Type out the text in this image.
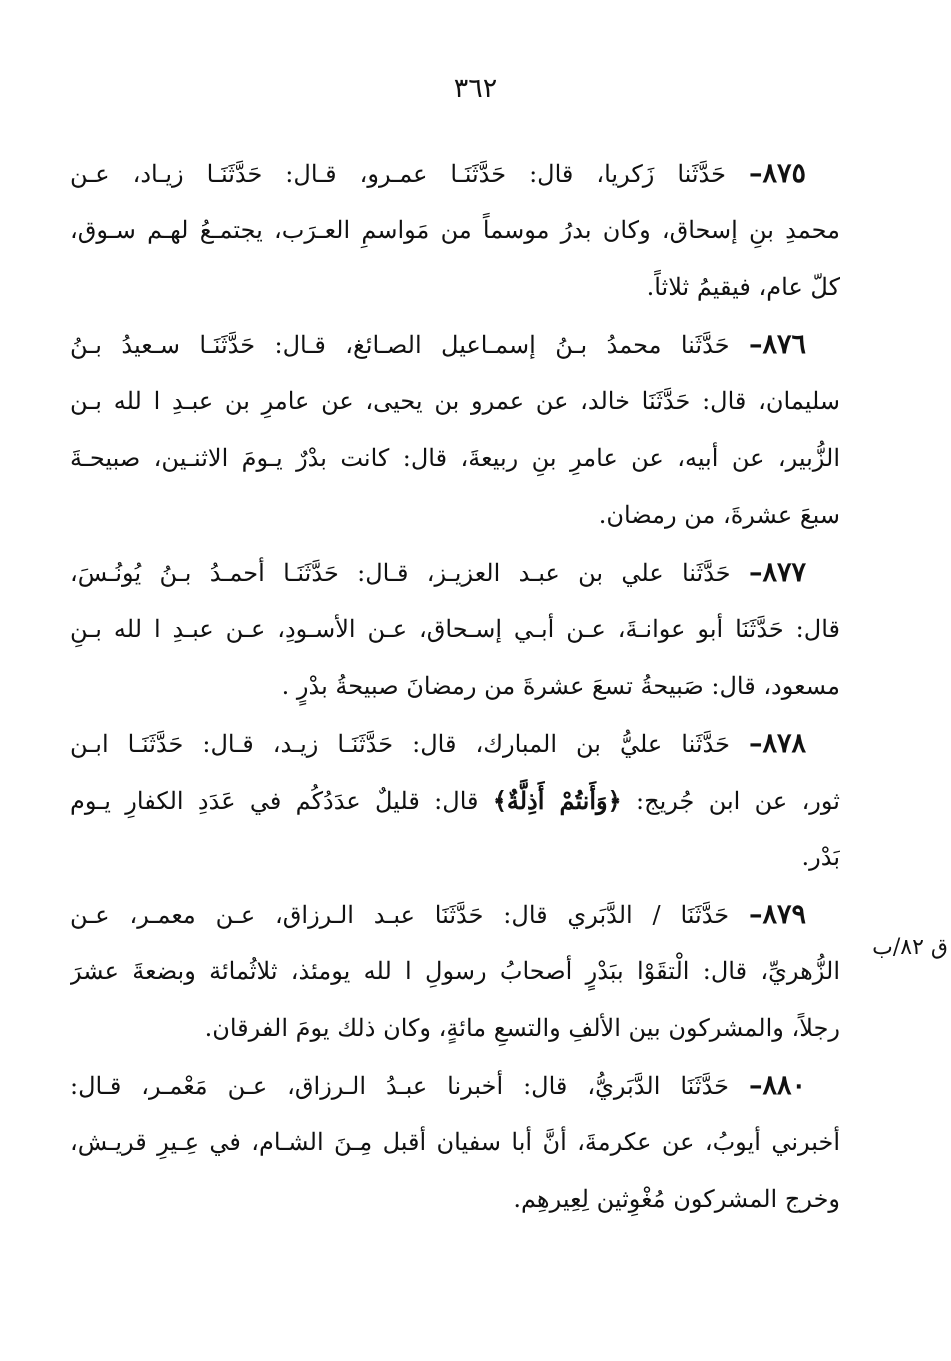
٣٦٢
ق ٨٢/ب
٨٧٥– حَدَّثَنا زَكريا، قال: حَدَّثَنَـا عمـرو، قـال: حَدَّثَنَـا زيـاد، عـن
محمدِ بنِ إسحاق، وكان بدرُ موسماً من مَواسمِ العـرَب، يجتمـعُ لهـم سـوق،
كلّ عام، فيقيمُ ثلاثاً.
٨٧٦– حَدَّثَنا محمدُ بـنُ إسمـاعيل الصـائغ، قـال: حَدَّثَنَـا سـعيدُ بـنُ
سليمان، قال: حَدَّثَنَا خالد، عن عمرو بن يحيى، عن عامرِ بن عبـدِ ا لله بـن
الزُّبير، عن أبيه، عن عامرِ بنِ ربيعةَ، قال: كانت بدْرٌ يـومَ الاثنـين، صبيحـةَ
سبعَ عشرةَ، من رمضان.
٨٧٧– حَدَّثَنا علي بن عبـد العزيـز، قـال: حَدَّثَنَـا أحمـدُ بـنُ يُونُـسَ،
قال: حَدَّثَنَا أبو عوانـةَ، عـن أبـي إسـحاق، عـن الأسـودِ، عـن عبـدِ ا لله بـنِ
مسعود، قال: صَبيحةُ تسعَ عشرةَ من رمضانَ صبيحةُ بدْرٍ .
٨٧٨– حَدَّثَنا عليُّ بن المبارك، قال: حَدَّثَنَـا زيـد، قـال: حَدَّثَنَـا ابـن
ثور، عن ابن جُريج: ﴿وَأَنتُمْ أَذِلَّةٌ﴾ قال: قليلٌ عدَدُكُم في عَدَدِ الكفارِ يـوم
بَدْر.
٨٧٩– حَدَّثَنَا / الدَّبَري قال: حَدَّثَنَا عبـد الـرزاق، عـن معمـر، عـن
الزُّهريِّ، قال: الْتقَوْا ببَدْرٍ أصحابُ رسولِ ا لله يومئذ، ثلاثُمائة وبضعةَ عشرَ
رجلاً، والمشركون بين الألفِ والتسعِ مائةٍ، وكان ذلك يومَ الفرقان.
٨٨٠– حَدَّثَنَا الدَّبَريُّ، قال: أخبرنا عبـدُ الـرزاق، عـن مَعْمـر، قـال:
أخبرني أيوبُ، عن عكرمةَ، أنَّ أبا سفيان أقبل مِـنَ الشـام، في عِـيرِ قريـش،
وخرج المشركون مُغْوِثين لِعِيرهِم.
